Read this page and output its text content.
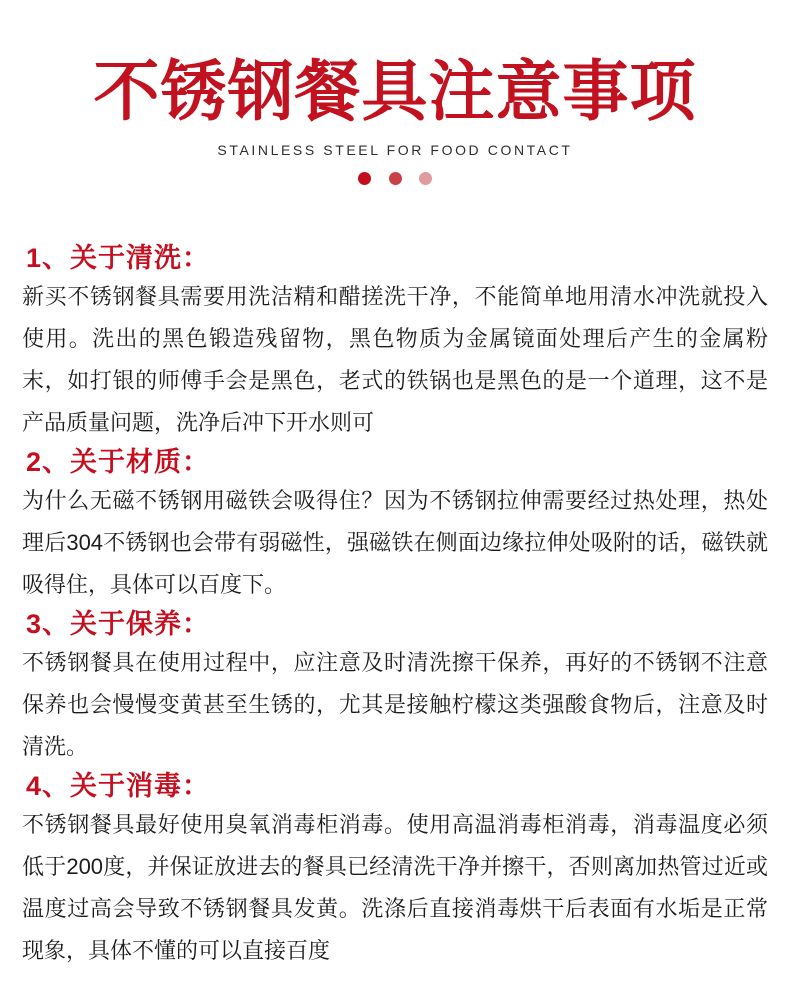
不锈钢餐具注意事项
STAINLESS STEEL FOR FOOD CONTACT

1、关于清洗：

新买不锈钢餐具需要用洗洁精和醋搓洗干净，不能简单地用清水冲洗就投入使用。洗出的黑色锻造残留物，黑色物质为金属镜面处理后产生的金属粉末，如打银的师傅手会是黑色，老式的铁锅也是黑色的是一个道理，这不是产品质量问题，洗净后冲下开水则可

2、关于材质：

为什么无磁不锈钢用磁铁会吸得住？因为不锈钢拉伸需要经过热处理，热处理后304不锈钢也会带有弱磁性，强磁铁在侧面边缘拉伸处吸附的话，磁铁就吸得住，具体可以百度下。

3、关于保养：

不锈钢餐具在使用过程中，应注意及时清洗擦干保养，再好的不锈钢不注意保养也会慢慢变黄甚至生锈的，尤其是接触柠檬这类强酸食物后，注意及时清洗。

4、关于消毒：

不锈钢餐具最好使用臭氧消毒柜消毒。使用高温消毒柜消毒，消毒温度必须低于200度，并保证放进去的餐具已经清洗干净并擦干，否则离加热管过近或温度过高会导致不锈钢餐具发黄。洗涤后直接消毒烘干后表面有水垢是正常现象，具体不懂的可以直接百度
